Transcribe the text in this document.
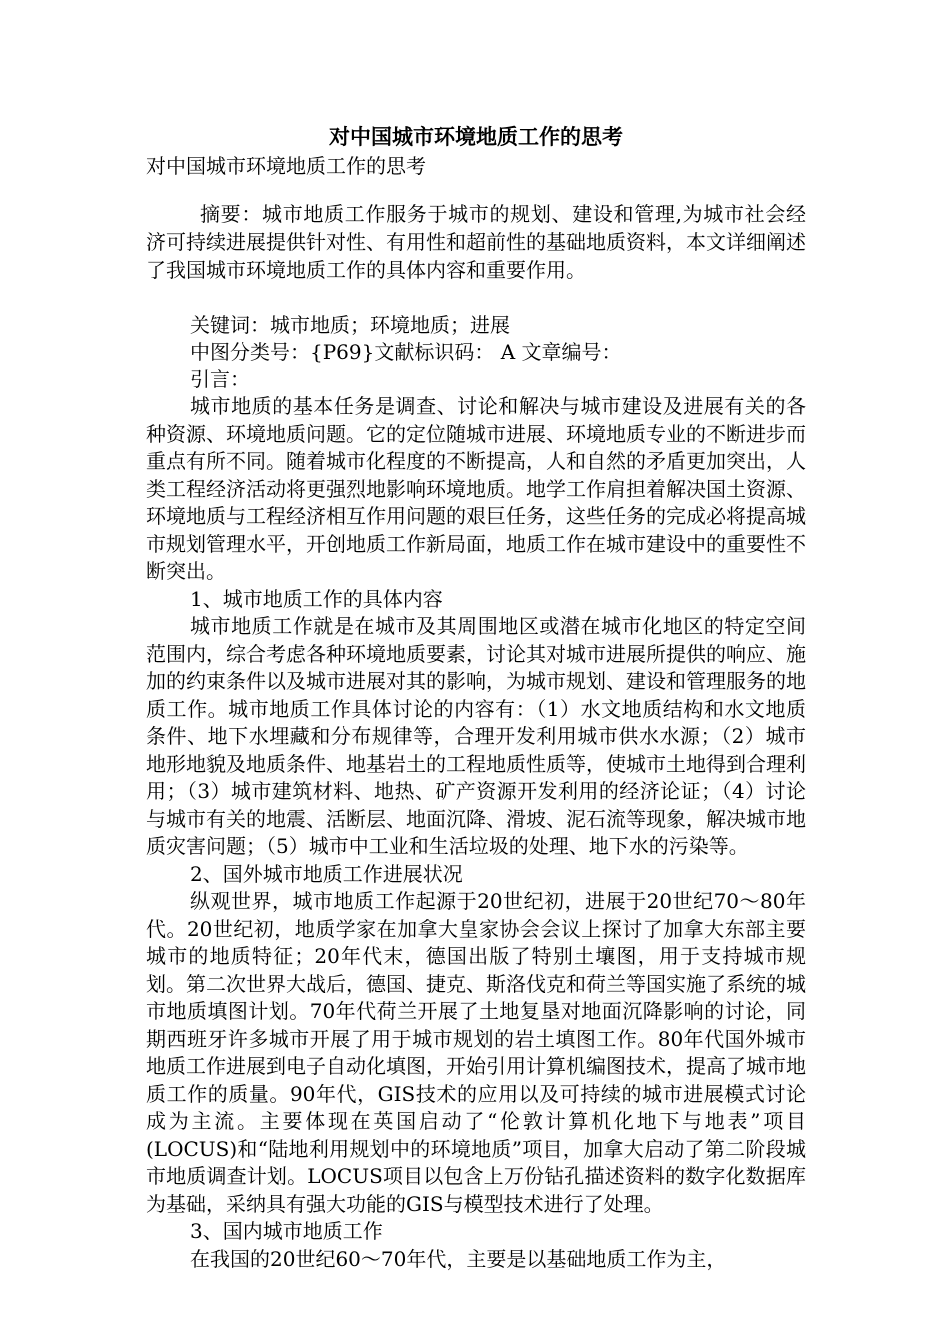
对中国城市环境地质工作的思考

对中国城市环境地质工作的思考

摘要：城市地质工作服务于城市的规划、建设和管理,为城市社会经济可持续进展提供针对性、有用性和超前性的基础地质资料，本文详细阐述了我国城市环境地质工作的具体内容和重要作用。

关键词：城市地质；环境地质；进展

中图分类号：{P69}文献标识码： A 文章编号：

引言：

城市地质的基本任务是调查、讨论和解决与城市建设及进展有关的各种资源、环境地质问题。它的定位随城市进展、环境地质专业的不断进步而重点有所不同。随着城市化程度的不断提高，人和自然的矛盾更加突出，人类工程经济活动将更强烈地影响环境地质。地学工作肩担着解决国土资源、环境地质与工程经济相互作用问题的艰巨任务，这些任务的完成必将提高城市规划管理水平，开创地质工作新局面，地质工作在城市建设中的重要性不断突出。

1、城市地质工作的具体内容

城市地质工作就是在城市及其周围地区或潜在城市化地区的特定空间范围内，综合考虑各种环境地质要素，讨论其对城市进展所提供的响应、施加的约束条件以及城市进展对其的影响，为城市规划、建设和管理服务的地质工作。城市地质工作具体讨论的内容有：（1）水文地质结构和水文地质条件、地下水埋藏和分布规律等，合理开发利用城市供水水源；（2）城市地形地貌及地质条件、地基岩土的工程地质性质等，使城市土地得到合理利用；（3）城市建筑材料、地热、矿产资源开发利用的经济论证；（4）讨论与城市有关的地震、活断层、地面沉降、滑坡、泥石流等现象，解决城市地质灾害问题；（5）城市中工业和生活垃圾的处理、地下水的污染等。

2、国外城市地质工作进展状况

纵观世界，城市地质工作起源于20世纪初，进展于20世纪70～80年代。20世纪初，地质学家在加拿大皇家协会会议上探讨了加拿大东部主要城市的地质特征；20年代末，德国出版了特别土壤图，用于支持城市规划。第二次世界大战后，德国、捷克、斯洛伐克和荷兰等国实施了系统的城市地质填图计划。70年代荷兰开展了土地复垦对地面沉降影响的讨论，同期西班牙许多城市开展了用于城市规划的岩土填图工作。80年代国外城市地质工作进展到电子自动化填图，开始引用计算机编图技术，提高了城市地质工作的质量。90年代，GIS技术的应用以及可持续的城市进展模式讨论成为主流。主要体现在英国启动了“伦敦计算机化地下与地表”项目(LOCUS)和“陆地利用规划中的环境地质”项目，加拿大启动了第二阶段城市地质调查计划。LOCUS项目以包含上万份钻孔描述资料的数字化数据库为基础，采纳具有强大功能的GIS与模型技术进行了处理。

3、国内城市地质工作

在我国的20世纪60～70年代，主要是以基础地质工作为主，
